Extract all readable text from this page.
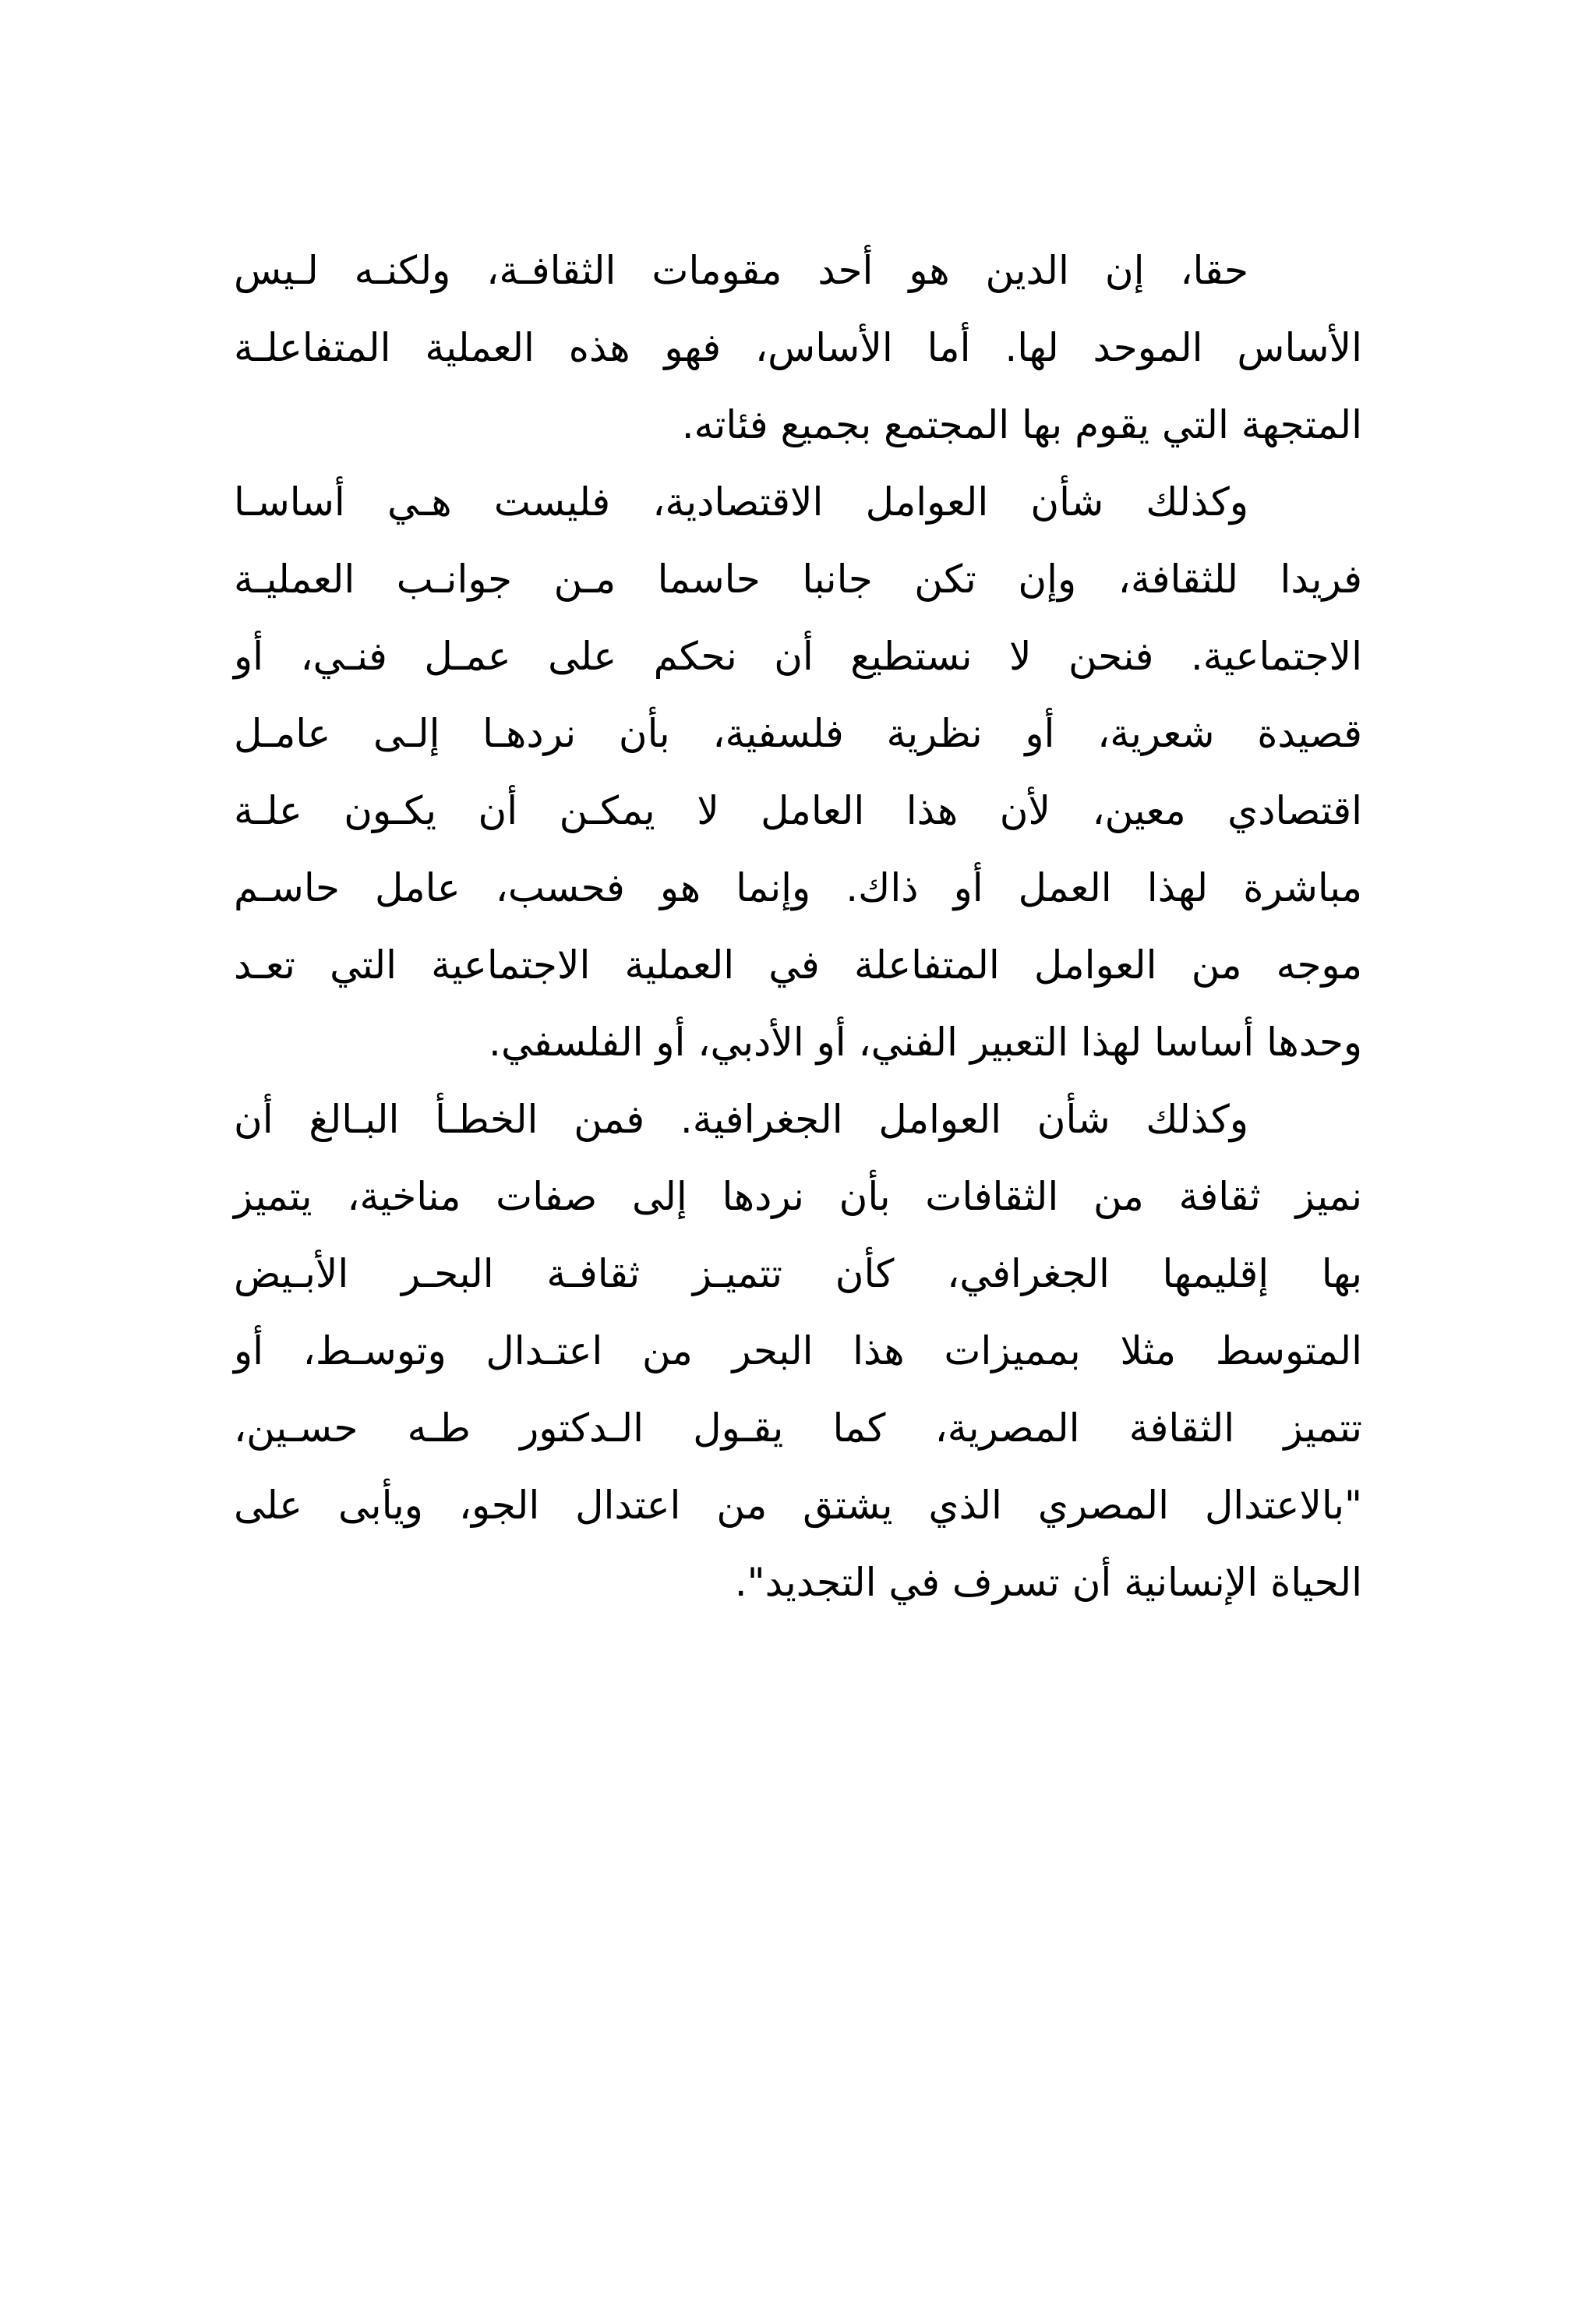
حقا، إن الدين هو أحد مقومات الثقافـة، ولكنـه لـيس
الأساس الموحد لها. أما الأساس، فهو هذه العملية المتفاعلـة
المتجهة التي يقوم بها المجتمع بجميع فئاته.
وكذلك شأن العوامل الاقتصادية، فليست هـي أساسـا
فريدا للثقافة، وإن تكن جانبا حاسما مـن جوانـب العمليـة
الاجتماعية. فنحن لا نستطيع أن نحكم على عمـل فنـي، أو
قصيدة شعرية، أو نظرية فلسفية، بأن نردهـا إلـى عامـل
اقتصادي معين، لأن هذا العامل لا يمكـن أن يكـون علـة
مباشرة لهذا العمل أو ذاك. وإنما هو فحسب، عامل حاسـم
موجه من العوامل المتفاعلة في العملية الاجتماعية التي تعـد
وحدها أساسا لهذا التعبير الفني، أو الأدبي، أو الفلسفي.
وكذلك شأن العوامل الجغرافية. فمن الخطـأ البـالغ أن
نميز ثقافة من الثقافات بأن نردها إلى صفات مناخية، يتميز
بها إقليمها الجغرافي، كأن تتميـز ثقافـة البحـر الأبـيض
المتوسط مثلا بمميزات هذا البحر من اعتـدال وتوسـط، أو
تتميز الثقافة المصرية، كما يقـول الـدكتور طـه حسـين،
"بالاعتدال المصري الذي يشتق من اعتدال الجو، ويأبى على
الحياة الإنسانية أن تسرف في التجديد".
